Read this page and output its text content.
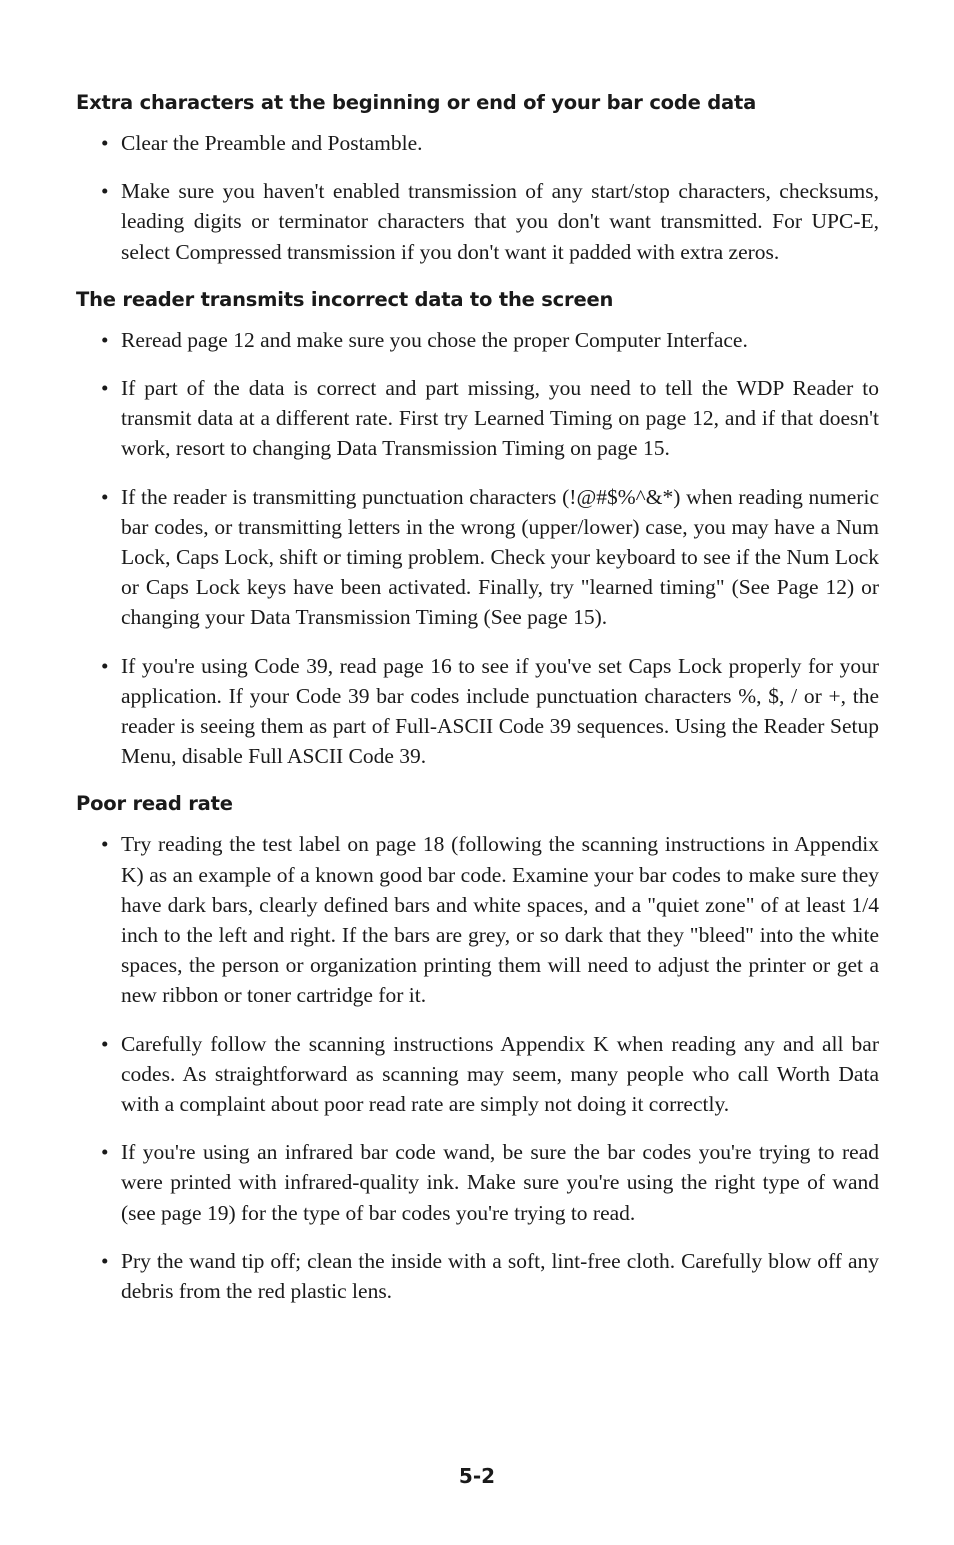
Extra characters at the beginning or end of your bar code data
• Clear the Preamble and Postamble.
• Make sure you haven't enabled transmission of any start/stop characters, checksums, leading digits or terminator characters that you don't want transmitted. For UPC-E, select Compressed transmission if you don't want it padded with extra zeros.
The reader transmits incorrect data to the screen
• Reread page 12 and make sure you chose the proper Computer Interface.
• If part of the data is correct and part missing, you need to tell the WDP Reader to transmit data at a different rate. First try Learned Timing on page 12, and if that doesn't work, resort to changing Data Transmission Timing on page 15.
• If the reader is transmitting punctuation characters (!@#$%^&*) when reading numeric bar codes, or transmitting letters in the wrong (upper/lower) case, you may have a Num Lock, Caps Lock, shift or timing problem. Check your keyboard to see if the Num Lock or Caps Lock keys have been activated. Finally, try "learned timing" (See Page 12) or changing your Data Transmission Timing (See page 15).
• If you're using Code 39, read page 16 to see if you've set Caps Lock properly for your application. If your Code 39 bar codes include punctuation characters %, $, / or +, the reader is seeing them as part of Full-ASCII Code 39 sequences. Using the Reader Setup Menu, disable Full ASCII Code 39.
Poor read rate
• Try reading the test label on page 18 (following the scanning instructions in Appendix K) as an example of a known good bar code. Examine your bar codes to make sure they have dark bars, clearly defined bars and white spaces, and a "quiet zone" of at least 1/4 inch to the left and right. If the bars are grey, or so dark that they "bleed" into the white spaces, the person or organization printing them will need to adjust the printer or get a new ribbon or toner cartridge for it.
• Carefully follow the scanning instructions Appendix K when reading any and all bar codes. As straightforward as scanning may seem, many people who call Worth Data with a complaint about poor read rate are simply not doing it correctly.
• If you're using an infrared bar code wand, be sure the bar codes you're trying to read were printed with infrared-quality ink. Make sure you're using the right type of wand (see page 19) for the type of bar codes you're trying to read.
• Pry the wand tip off; clean the inside with a soft, lint-free cloth. Carefully blow off any debris from the red plastic lens.
5-2
